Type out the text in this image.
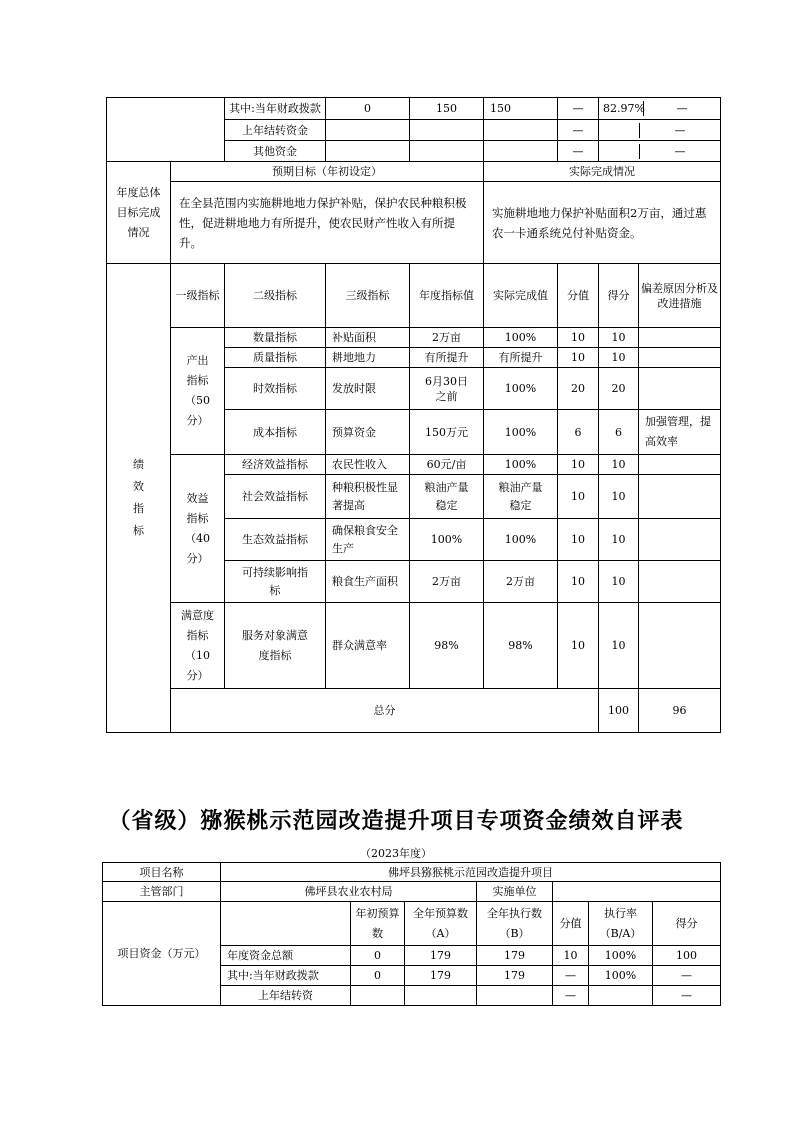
		其中:当年财政拨款	0	150	150	—	82.97% —		

		上年结转资金				—	—		

		其他资金				—	—		

年度总体目标完成情况	预期目标（年初设定）				实际完成情况				
	在全县范围内实施耕地地力保护补贴，保护农民种粮积极性，促进耕地地力有所提升，使农民财产性收入有所提升。				实施耕地地力保护补贴面积2万亩，通过惠农一卡通系统兑付补贴资金。				
绩效指标	一级指标	二级指标	三级指标	年度指标值	实际完成值	分值	得分	偏差原因分析及改进措施	
	产出指标（50分）	数量指标	补贴面积	2万亩	100%	10	10		
		质量指标	耕地地力	有所提升	有所提升	10	10		
		时效指标	发放时限	6月30日之前	100%	20	20		
		成本指标	预算资金	150万元	100%	6	6	加强管理，提高效率	
	效益指标（40分）	经济效益指标	农民性收入	60元/亩	100%	10	10		
		社会效益指标	种粮积极性显著提高	粮油产量稳定	粮油产量稳定	10	10		
		生态效益指标	确保粮食安全生产	100%	100%	10	10		
		可持续影响指标	粮食生产面积	2万亩	2万亩	10	10		
	满意度指标（10分）	服务对象满意度指标	群众满意率	98%	98%	10	10		
	总分						100	96	
（省级）猕猴桃示范园改造提升项目专项资金绩效自评表
（2023年度）
项目名称	佛坪县猕猴桃示范园改造提升项目						
主管部门	佛坪县农业农村局			实施单位			
项目资金（万元）		年初预算数	全年预算数（A）	全年执行数（B）	分值	执行率（B/A）	得分
	年度资金总额	0	179	179	10	100%	100
	其中:当年财政拨款	0	179	179	—	100%	—
	上年结转资				—		—
